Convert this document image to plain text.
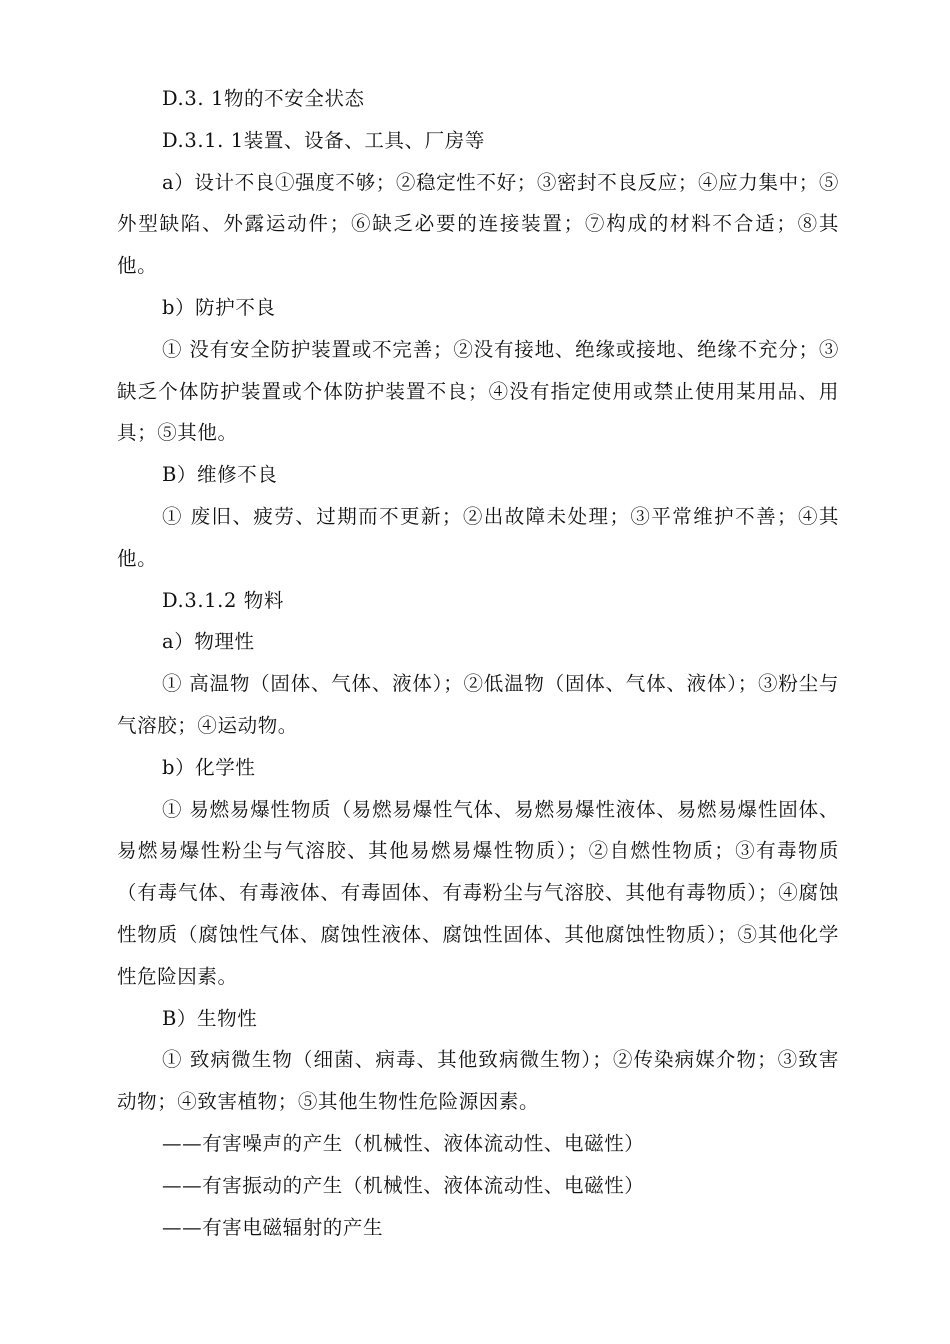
D.3. 1物的不安全状态

D.3.1. 1装置、设备、工具、厂房等

a）设计不良①强度不够；②稳定性不好；③密封不良反应；④应力集中；⑤外型缺陷、外露运动件；⑥缺乏必要的连接装置；⑦构成的材料不合适；⑧其他。

b）防护不良

① 没有安全防护装置或不完善；②没有接地、绝缘或接地、绝缘不充分；③缺乏个体防护装置或个体防护装置不良；④没有指定使用或禁止使用某用品、用具；⑤其他。

B）维修不良

① 废旧、疲劳、过期而不更新；②出故障未处理；③平常维护不善；④其他。

D.3.1.2 物料

a）物理性

① 高温物（固体、气体、液体）；②低温物（固体、气体、液体）；③粉尘与气溶胶；④运动物。

b）化学性

① 易燃易爆性物质（易燃易爆性气体、易燃易爆性液体、易燃易爆性固体、易燃易爆性粉尘与气溶胶、其他易燃易爆性物质）；②自燃性物质；③有毒物质（有毒气体、有毒液体、有毒固体、有毒粉尘与气溶胶、其他有毒物质）；④腐蚀性物质（腐蚀性气体、腐蚀性液体、腐蚀性固体、其他腐蚀性物质）；⑤其他化学性危险因素。

B）生物性

① 致病微生物（细菌、病毒、其他致病微生物）；②传染病媒介物；③致害动物；④致害植物；⑤其他生物性危险源因素。

——有害噪声的产生（机械性、液体流动性、电磁性）

——有害振动的产生（机械性、液体流动性、电磁性）

——有害电磁辐射的产生
